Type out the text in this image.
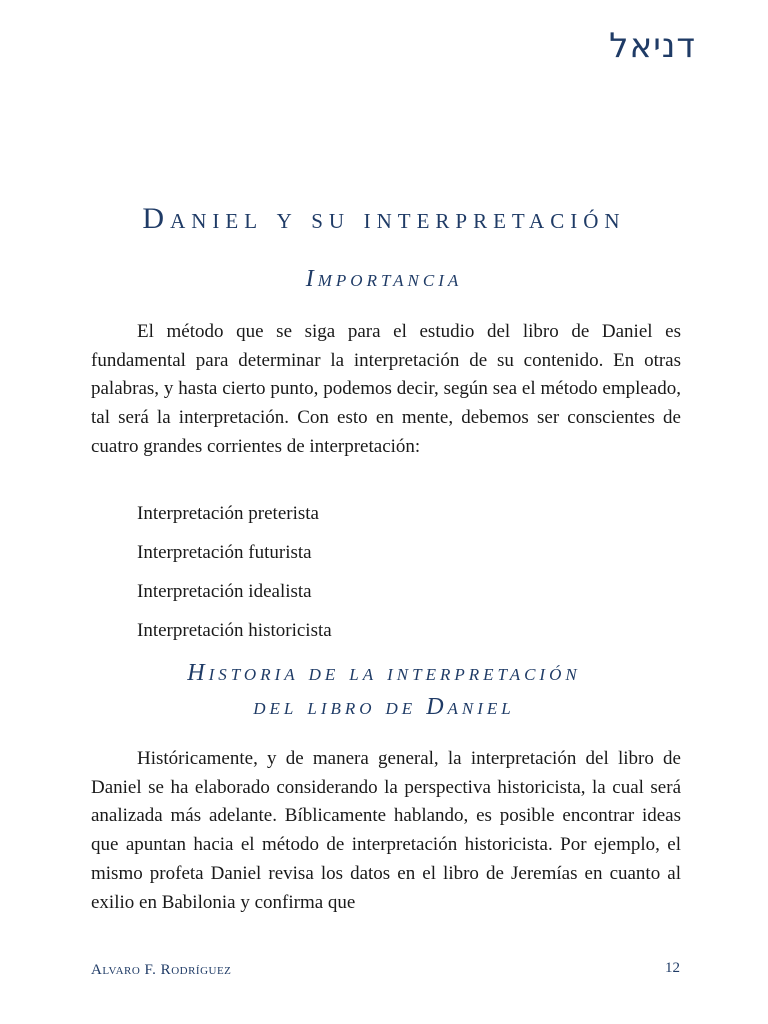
דניאל
Daniel y su interpretación
Importancia

El método que se siga para el estudio del libro de Daniel es fundamental para determinar la interpretación de su contenido. En otras palabras, y hasta cierto punto, podemos decir, según sea el método empleado, tal será la interpretación. Con esto en mente, debemos ser conscientes de cuatro grandes corrientes de interpretación:

Interpretación preterista
Interpretación futurista
Interpretación idealista
Interpretación historicista
Historia de la interpretación
del libro de Daniel

Históricamente, y de manera general, la interpretación del libro de Daniel se ha elaborado considerando la perspectiva historicista, la cual será analizada más adelante. Bíblicamente hablando, es posible encontrar ideas que apuntan hacia el método de interpretación historicista. Por ejemplo, el mismo profeta Daniel revisa los datos en el libro de Jeremías en cuanto al exilio en Babilonia y confirma que

Alvaro F. Rodríguez	12
